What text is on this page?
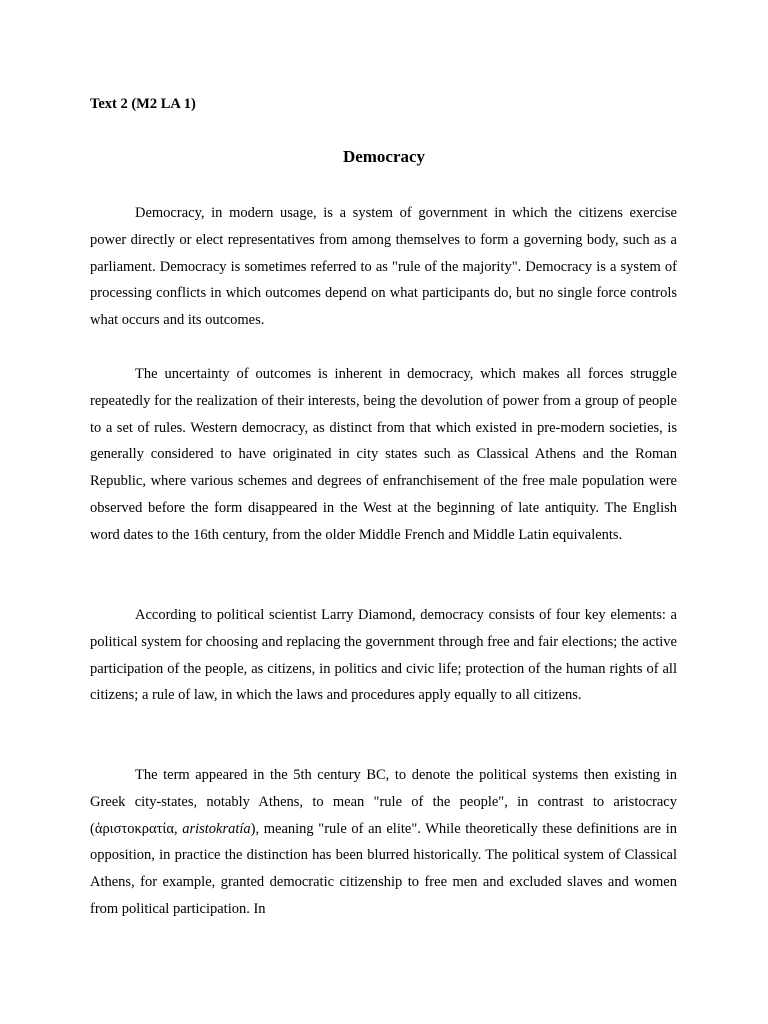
Text 2 (M2 LA 1)

Democracy

Democracy, in modern usage, is a system of government in which the citizens exercise power directly or elect representatives from among themselves to form a governing body, such as a parliament. Democracy is sometimes referred to as "rule of the majority". Democracy is a system of processing conflicts in which outcomes depend on what participants do, but no single force controls what occurs and its outcomes.

The uncertainty of outcomes is inherent in democracy, which makes all forces struggle repeatedly for the realization of their interests, being the devolution of power from a group of people to a set of rules. Western democracy, as distinct from that which existed in pre-modern societies, is generally considered to have originated in city states such as Classical Athens and the Roman Republic, where various schemes and degrees of enfranchisement of the free male population were observed before the form disappeared in the West at the beginning of late antiquity. The English word dates to the 16th century, from the older Middle French and Middle Latin equivalents.

According to political scientist Larry Diamond, democracy consists of four key elements: a political system for choosing and replacing the government through free and fair elections; the active participation of the people, as citizens, in politics and civic life; protection of the human rights of all citizens; a rule of law, in which the laws and procedures apply equally to all citizens.

The term appeared in the 5th century BC, to denote the political systems then existing in Greek city-states, notably Athens, to mean "rule of the people", in contrast to aristocracy (ἀριστοκρατία, aristokratía), meaning "rule of an elite". While theoretically these definitions are in opposition, in practice the distinction has been blurred historically. The political system of Classical Athens, for example, granted democratic citizenship to free men and excluded slaves and women from political participation. In
